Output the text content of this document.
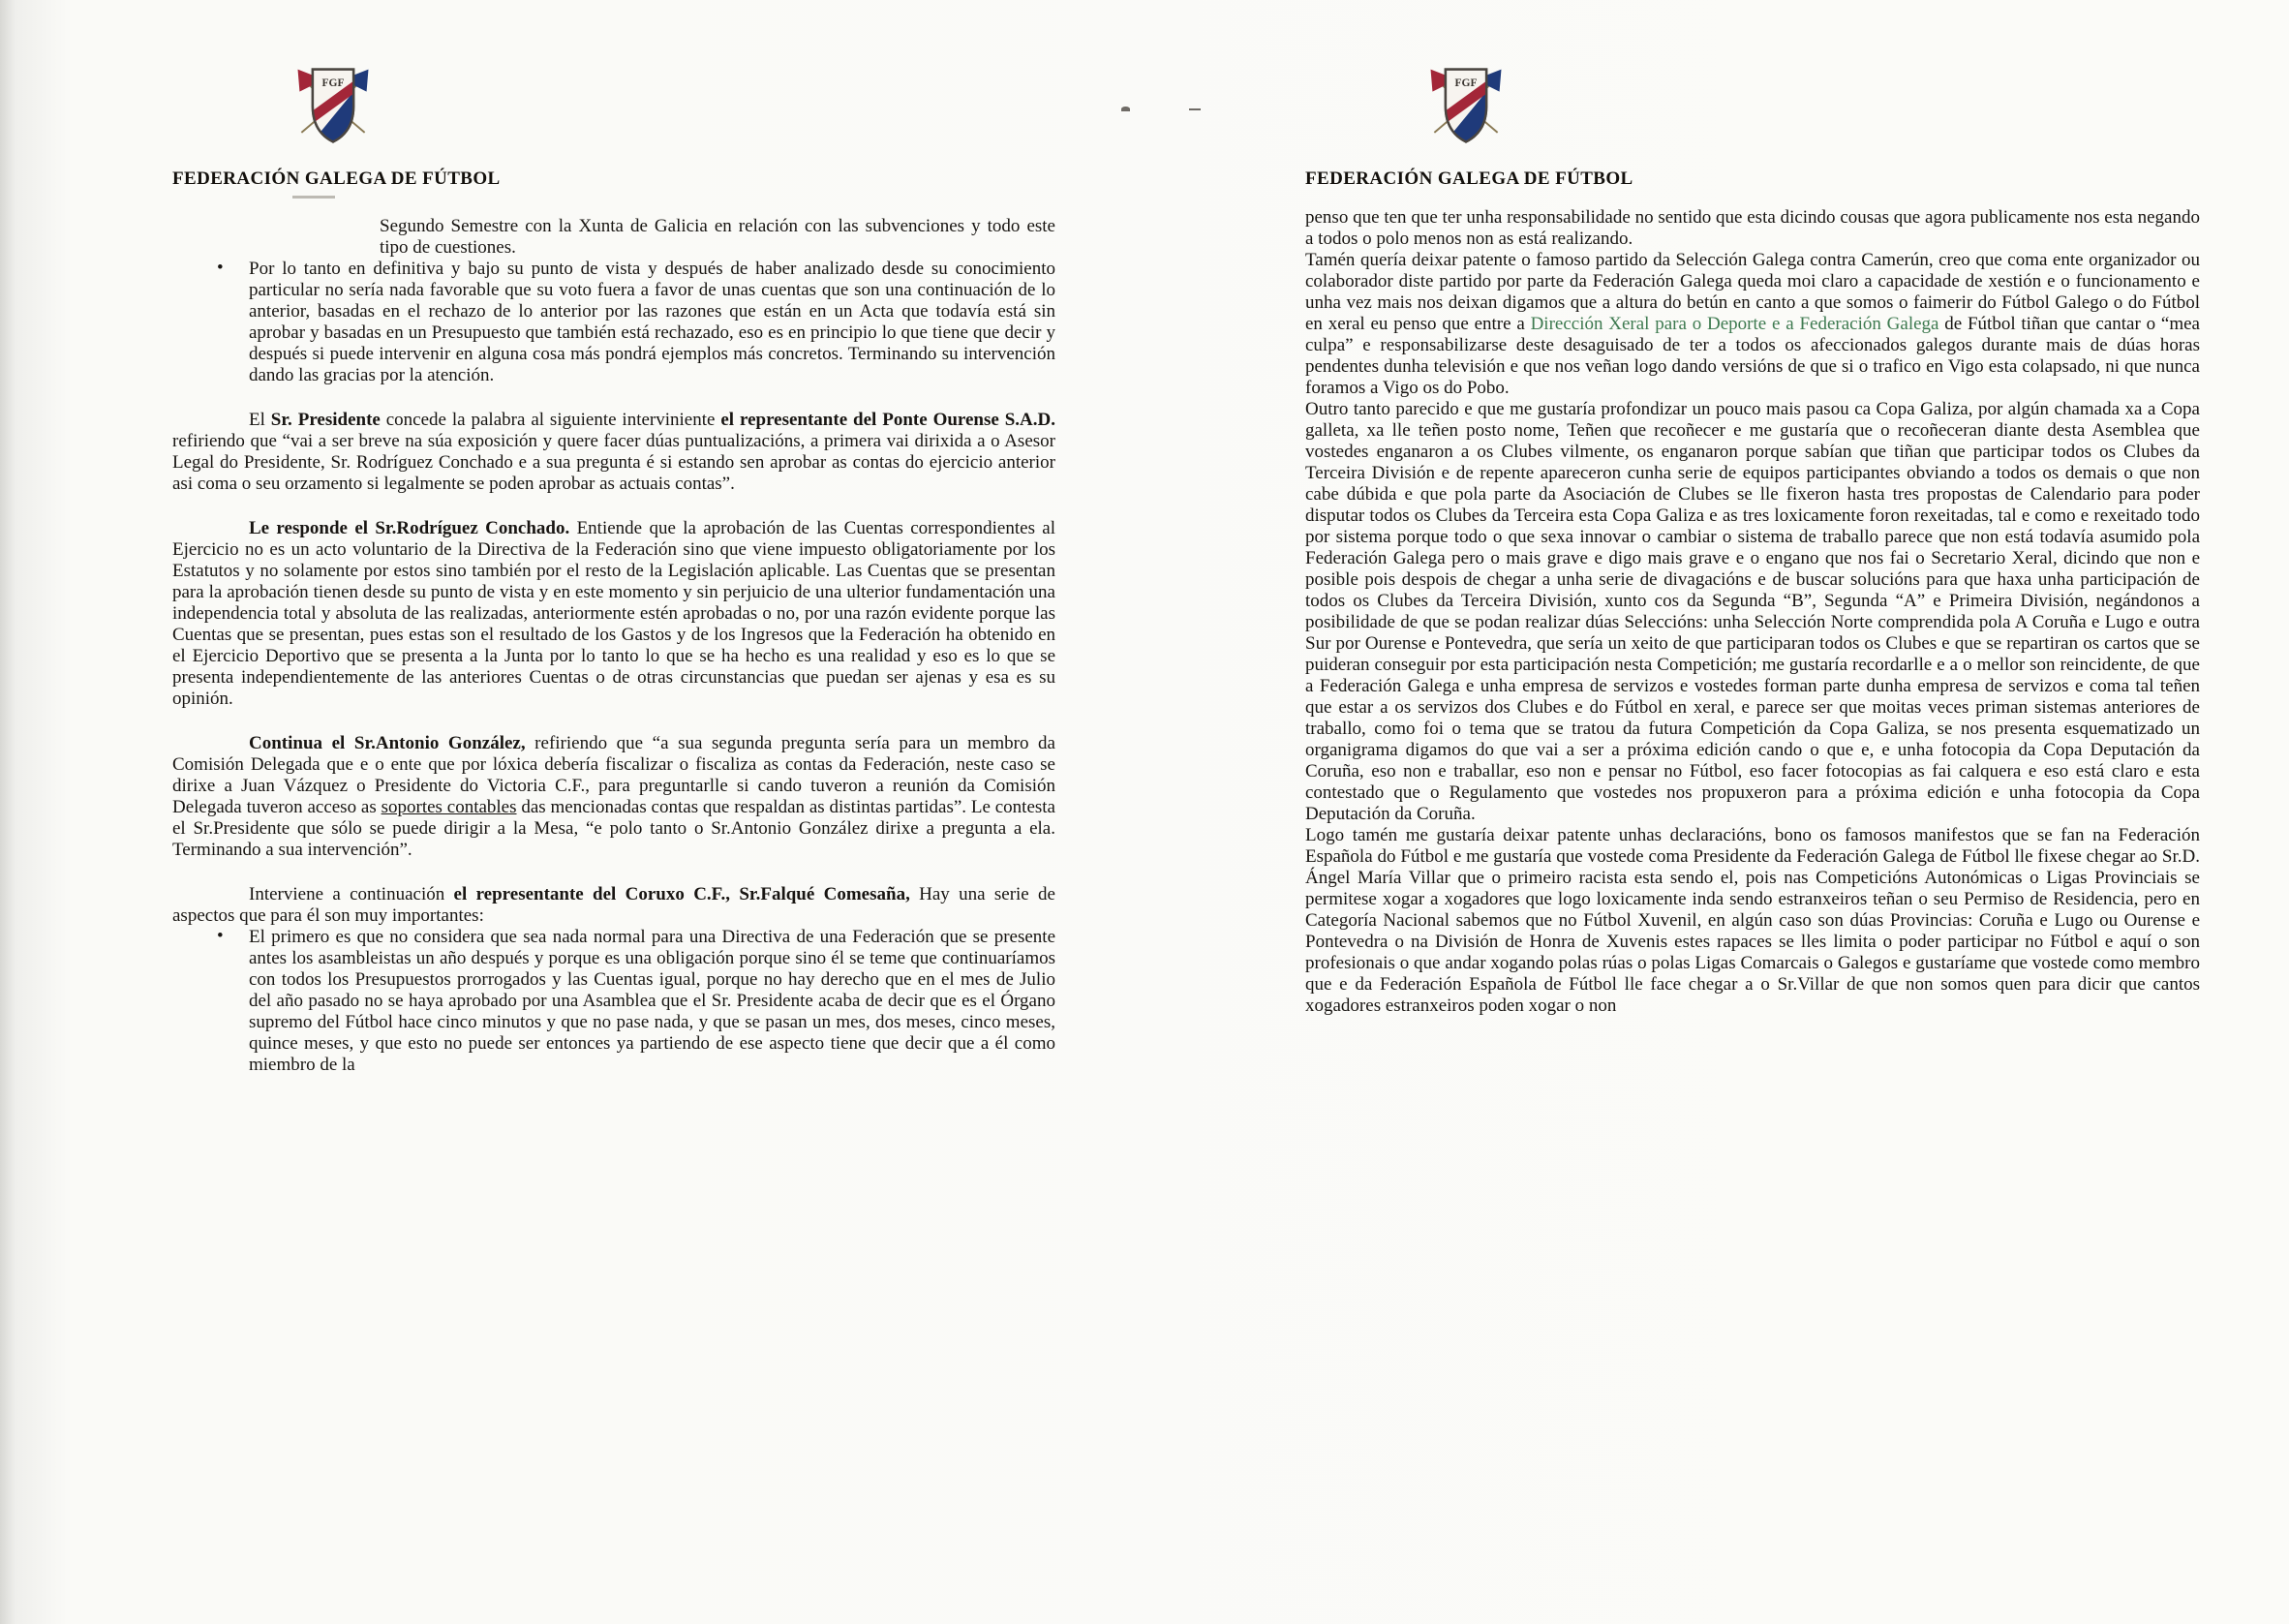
FGF
FEDERACIÓN GALEGA DE FÚTBOL
Segundo Semestre con la Xunta de Galicia en relación con las subvenciones y todo este tipo de cuestiones.
• Por lo tanto en definitiva y bajo su punto de vista y después de haber analizado desde su conocimiento particular no sería nada favorable que su voto fuera a favor de unas cuentas que son una continuación de lo anterior, basadas en el rechazo de lo anterior por las razones que están en un Acta que todavía está sin aprobar y basadas en un Presupuesto que también está rechazado, eso es en principio lo que tiene que decir y después si puede intervenir en alguna cosa más pondrá ejemplos más concretos. Terminando su intervención dando las gracias por la atención.
El Sr. Presidente concede la palabra al siguiente interviniente el representante del Ponte Ourense S.A.D. refiriendo que “vai a ser breve na súa exposición y quere facer dúas puntualizacións, a primera vai dirixida a o Asesor Legal do Presidente, Sr. Rodríguez Conchado e a sua pregunta é si estando sen aprobar as contas do ejercicio anterior asi coma o seu orzamento si legalmente se poden aprobar as actuais contas”.
Le responde el Sr.Rodríguez Conchado. Entiende que la aprobación de las Cuentas correspondientes al Ejercicio no es un acto voluntario de la Directiva de la Federación sino que viene impuesto obligatoriamente por los Estatutos y no solamente por estos sino también por el resto de la Legislación aplicable. Las Cuentas que se presentan para la aprobación tienen desde su punto de vista y en este momento y sin perjuicio de una ulterior fundamentación una independencia total y absoluta de las realizadas, anteriormente estén aprobadas o no, por una razón evidente porque las Cuentas que se presentan, pues estas son el resultado de los Gastos y de los Ingresos que la Federación ha obtenido en el Ejercicio Deportivo que se presenta a la Junta por lo tanto lo que se ha hecho es una realidad y eso es lo que se presenta independientemente de las anteriores Cuentas o de otras circunstancias que puedan ser ajenas y esa es su opinión.
Continua el Sr.Antonio González, refiriendo que “a sua segunda pregunta sería para un membro da Comisión Delegada que e o ente que por lóxica debería fiscalizar o fiscaliza as contas da Federación, neste caso se dirixe a Juan Vázquez o Presidente do Victoria C.F., para preguntarlle si cando tuveron a reunión da Comisión Delegada tuveron acceso as soportes contables das mencionadas contas que respaldan as distintas partidas”. Le contesta el Sr.Presidente que sólo se puede dirigir a la Mesa, “e polo tanto o Sr.Antonio González dirixe a pregunta a ela. Terminando a sua intervención”.
Interviene a continuación el representante del Coruxo C.F., Sr.Falqué Comesaña, Hay una serie de aspectos que para él son muy importantes:
• El primero es que no considera que sea nada normal para una Directiva de una Federación que se presente antes los asambleistas un año después y porque es una obligación porque sino él se teme que continuaríamos con todos los Presupuestos prorrogados y las Cuentas igual, porque no hay derecho que en el mes de Julio del año pasado no se haya aprobado por una Asamblea que el Sr. Presidente acaba de decir que es el Órgano supremo del Fútbol hace cinco minutos y que no pase nada, y que se pasan un mes, dos meses, cinco meses, quince meses, y que esto no puede ser entonces ya partiendo de ese aspecto tiene que decir que a él como miembro de la
FGF
FEDERACIÓN GALEGA DE FÚTBOL
penso que ten que ter unha responsabilidade no sentido que esta dicindo cousas que agora publicamente nos esta negando a todos o polo menos non as está realizando.
Tamén quería deixar patente o famoso partido da Selección Galega contra Camerún, creo que coma ente organizador ou colaborador diste partido por parte da Federación Galega queda moi claro a capacidade de xestión e o funcionamento e unha vez mais nos deixan digamos que a altura do betún en canto a que somos o faimerir do Fútbol Galego o do Fútbol en xeral eu penso que entre a Dirección Xeral para o Deporte e a Federación Galega de Fútbol tiñan que cantar o “mea culpa” e responsabilizarse deste desaguisado de ter a todos os afeccionados galegos durante mais de dúas horas pendentes dunha televisión e que nos veñan logo dando versións de que si o trafico en Vigo esta colapsado, ni que nunca foramos a Vigo os do Pobo.
Outro tanto parecido e que me gustaría profondizar un pouco mais pasou ca Copa Galiza, por algún chamada xa a Copa galleta, xa lle teñen posto nome, Teñen que recoñecer e me gustaría que o recoñeceran diante desta Asemblea que vostedes enganaron a os Clubes vilmente, os enganaron porque sabían que tiñan que participar todos os Clubes da Terceira División e de repente apareceron cunha serie de equipos participantes obviando a todos os demais o que non cabe dúbida e que pola parte da Asociación de Clubes se lle fixeron hasta tres propostas de Calendario para poder disputar todos os Clubes da Terceira esta Copa Galiza e as tres loxicamente foron rexeitadas, tal e como e rexeitado todo por sistema porque todo o que sexa innovar o cambiar o sistema de traballo parece que non está todavía asumido pola Federación Galega pero o mais grave e digo mais grave e o engano que nos fai o Secretario Xeral, dicindo que non e posible pois despois de chegar a unha serie de divagacións e de buscar solucións para que haxa unha participación de todos os Clubes da Terceira División, xunto cos da Segunda “B”, Segunda “A” e Primeira División, negándonos a posibilidade de que se podan realizar dúas Seleccións: unha Selección Norte comprendida pola A Coruña e Lugo e outra Sur por Ourense e Pontevedra, que sería un xeito de que participaran todos os Clubes e que se repartiran os cartos que se puideran conseguir por esta participación nesta Competición; me gustaría recordarlle e a o mellor son reincidente, de que a Federación Galega e unha empresa de servizos e vostedes forman parte dunha empresa de servizos e coma tal teñen que estar a os servizos dos Clubes e do Fútbol en xeral, e parece ser que moitas veces priman sistemas anteriores de traballo, como foi o tema que se tratou da futura Competición da Copa Galiza, se nos presenta esquematizado un organigrama digamos do que vai a ser a próxima edición cando o que e, e unha fotocopia da Copa Deputación da Coruña, eso non e traballar, eso non e pensar no Fútbol, eso facer fotocopias as fai calquera e eso está claro e esta contestado que o Regulamento que vostedes nos propuxeron para a próxima edición e unha fotocopia da Copa Deputación da Coruña.
Logo tamén me gustaría deixar patente unhas declaracións, bono os famosos manifestos que se fan na Federación Española do Fútbol e me gustaría que vostede coma Presidente da Federación Galega de Fútbol lle fixese chegar ao Sr.D. Ángel María Villar que o primeiro racista esta sendo el, pois nas Competicións Autonómicas o Ligas Provinciais se permitese xogar a xogadores que logo loxicamente inda sendo estranxeiros teñan o seu Permiso de Residencia, pero en Categoría Nacional sabemos que no Fútbol Xuvenil, en algún caso son dúas Provincias: Coruña e Lugo ou Ourense e Pontevedra o na División de Honra de Xuvenis estes rapaces se lles limita o poder participar no Fútbol e aquí o son profesionais o que andar xogando polas rúas o polas Ligas Comarcais o Galegos e gustaríame que vostede como membro que e da Federación Española de Fútbol lle face chegar a o Sr.Villar de que non somos quen para dicir que cantos xogadores estranxeiros poden xogar o non
